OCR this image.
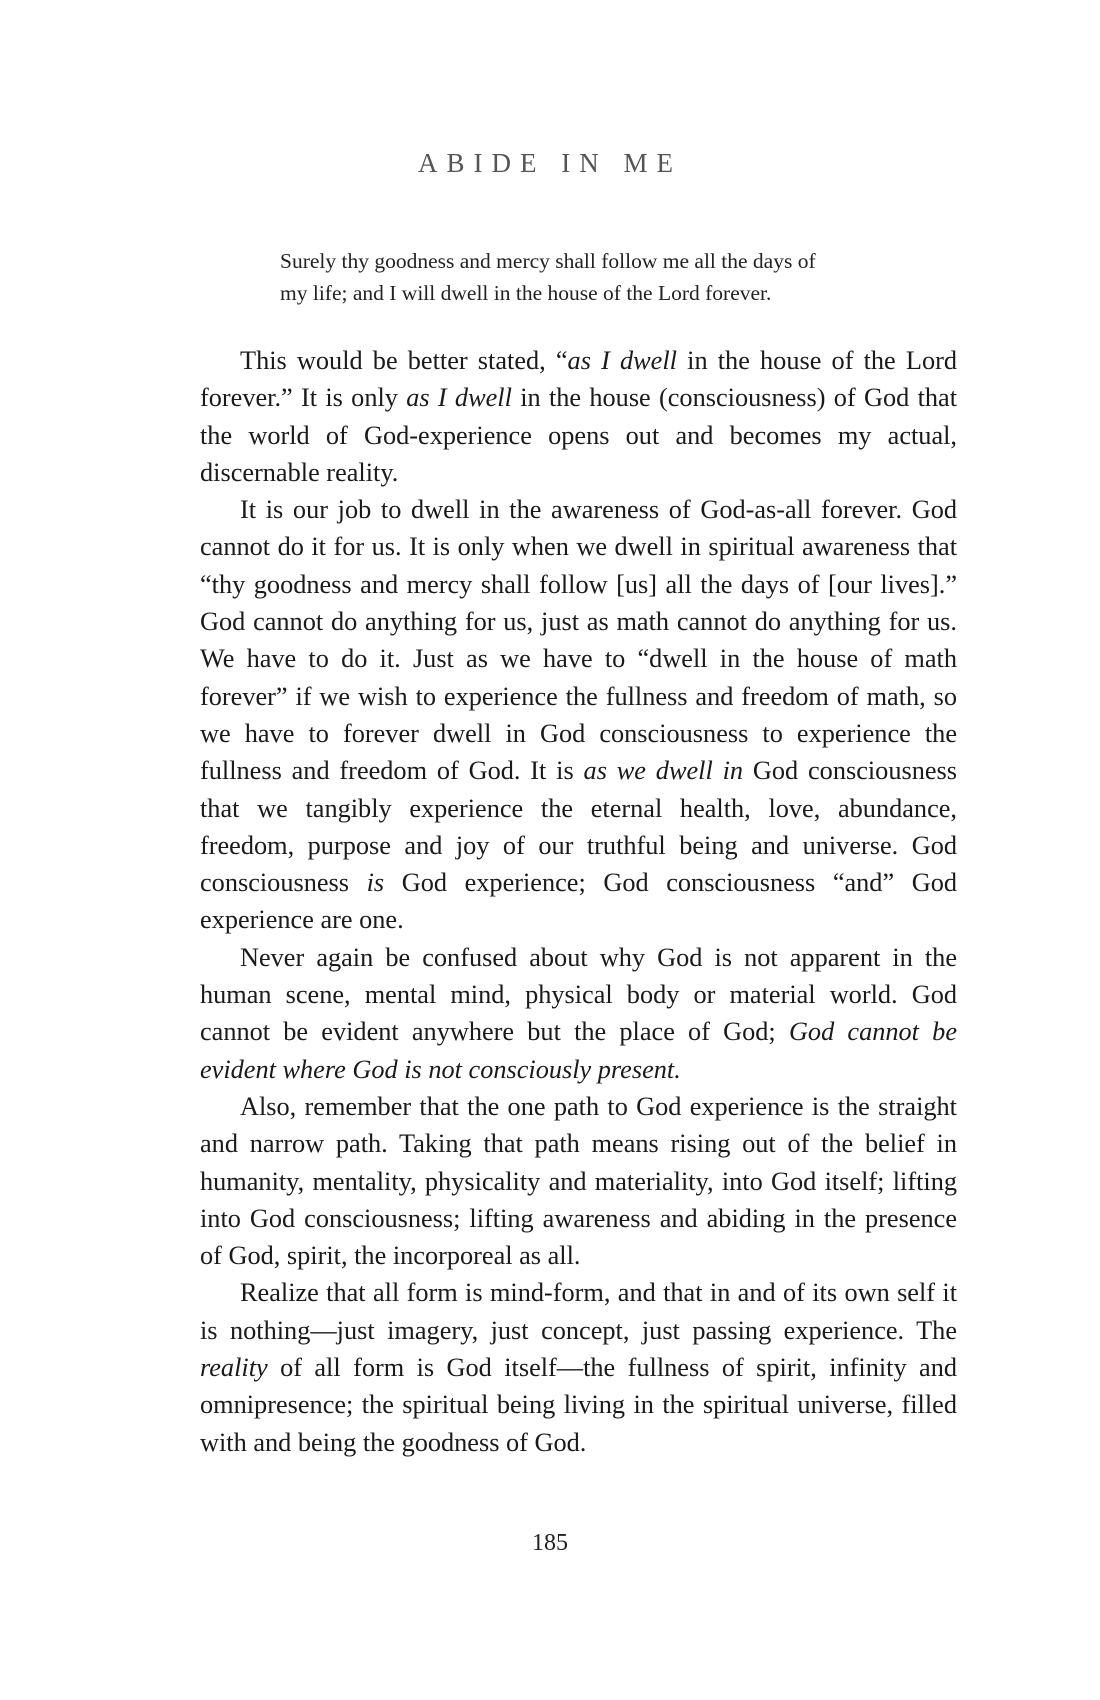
ABIDE IN ME
Surely thy goodness and mercy shall follow me all the days of
my life; and I will dwell in the house of the Lord forever.

This would be better stated, “as I dwell in the house of the Lord forever.” It is only as I dwell in the house (consciousness) of God that the world of God-experience opens out and becomes my actual, discernable reality.

It is our job to dwell in the awareness of God-as-all forever. God cannot do it for us. It is only when we dwell in spiritual awareness that “thy goodness and mercy shall follow [us] all the days of [our lives].” God cannot do anything for us, just as math cannot do anything for us. We have to do it. Just as we have to “dwell in the house of math forever” if we wish to experience the fullness and freedom of math, so we have to forever dwell in God consciousness to experience the fullness and freedom of God. It is as we dwell in God consciousness that we tangibly experience the eternal health, love, abundance, freedom, purpose and joy of our truthful being and universe. God consciousness is God experience; God consciousness “and” God experience are one.

Never again be confused about why God is not apparent in the human scene, mental mind, physical body or material world. God cannot be evident anywhere but the place of God; God cannot be evident where God is not consciously present.

Also, remember that the one path to God experience is the straight and narrow path. Taking that path means rising out of the belief in humanity, mentality, physicality and materiality, into God itself; lifting into God consciousness; lifting awareness and abiding in the presence of God, spirit, the incorporeal as all.

Realize that all form is mind-form, and that in and of its own self it is nothing—just imagery, just concept, just passing experience. The reality of all form is God itself—the fullness of spirit, infinity and omnipresence; the spiritual being living in the spiritual universe, filled with and being the goodness of God.

185
